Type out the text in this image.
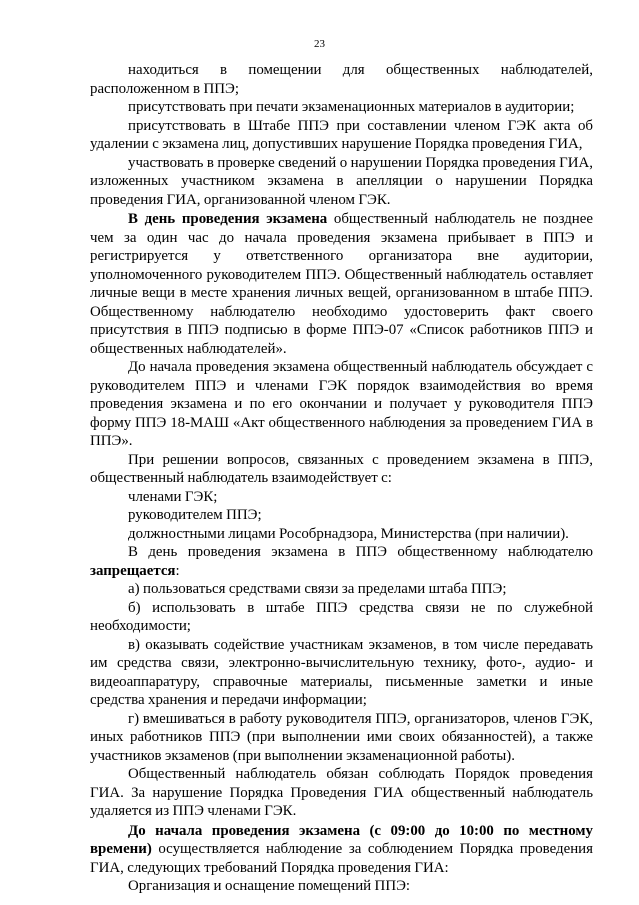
23

находиться в помещении для общественных наблюдателей, расположенном в ППЭ;

присутствовать при печати экзаменационных материалов в аудитории;

присутствовать в Штабе ППЭ при составлении членом ГЭК акта об удалении с экзамена лиц, допустивших нарушение Порядка проведения ГИА,

участвовать в проверке сведений о нарушении Порядка проведения ГИА, изложенных участником экзамена в апелляции о нарушении Порядка проведения ГИА, организованной членом ГЭК.

В день проведения экзамена общественный наблюдатель не позднее чем за один час до начала проведения экзамена прибывает в ППЭ и регистрируется у ответственного организатора вне аудитории, уполномоченного руководителем ППЭ. Общественный наблюдатель оставляет личные вещи в месте хранения личных вещей, организованном в штабе ППЭ. Общественному наблюдателю необходимо удостоверить факт своего присутствия в ППЭ подписью в форме ППЭ-07 «Список работников ППЭ и общественных наблюдателей».

До начала проведения экзамена общественный наблюдатель обсуждает с руководителем ППЭ и членами ГЭК порядок взаимодействия во время проведения экзамена и по его окончании и получает у руководителя ППЭ форму ППЭ 18-МАШ «Акт общественного наблюдения за проведением ГИА в ППЭ».

При решении вопросов, связанных с проведением экзамена в ППЭ, общественный наблюдатель взаимодействует с:

членами ГЭК;

руководителем ППЭ;

должностными лицами Рособрнадзора, Министерства (при наличии).

В день проведения экзамена в ППЭ общественному наблюдателю запрещается:

а) пользоваться средствами связи за пределами штаба ППЭ;

б) использовать в штабе ППЭ средства связи не по служебной необходимости;

в) оказывать содействие участникам экзаменов, в том числе передавать им средства связи, электронно-вычислительную технику, фото-, аудио- и видеоаппаратуру, справочные материалы, письменные заметки и иные средства хранения и передачи информации;

г) вмешиваться в работу руководителя ППЭ, организаторов, членов ГЭК, иных работников ППЭ (при выполнении ими своих обязанностей), а также участников экзаменов (при выполнении экзаменационной работы).

Общественный наблюдатель обязан соблюдать Порядок проведения ГИА. За нарушение Порядка Проведения ГИА общественный наблюдатель удаляется из ППЭ членами ГЭК.

До начала проведения экзамена (с 09:00 до 10:00 по местному времени) осуществляется наблюдение за соблюдением Порядка проведения ГИА, следующих требований Порядка проведения ГИА:

Организация и оснащение помещений ППЭ:
